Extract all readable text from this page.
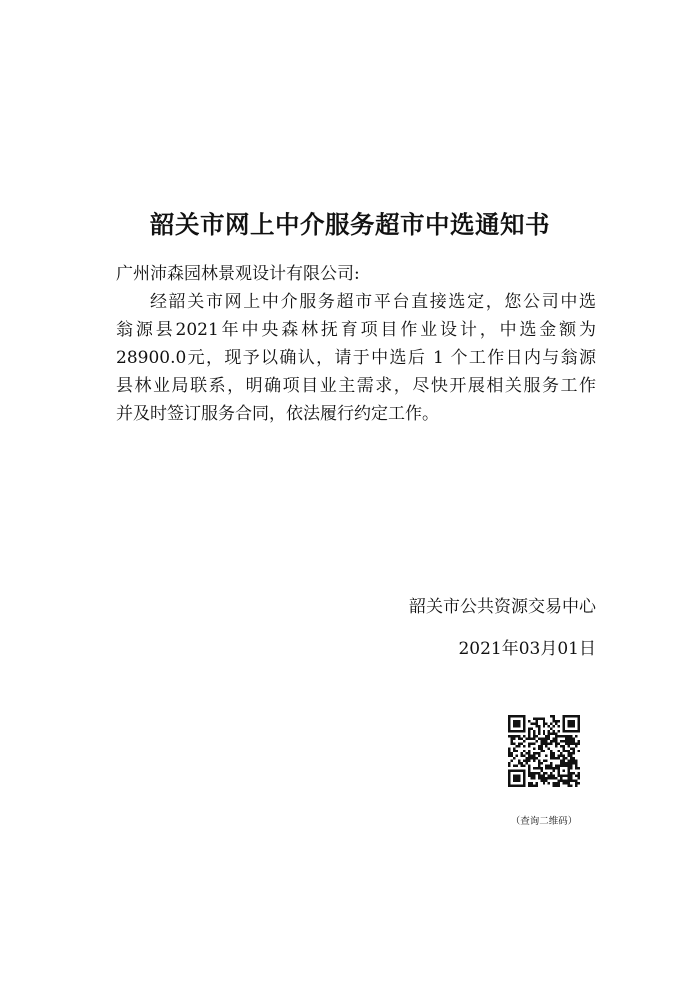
韶关市网上中介服务超市中选通知书
广州沛森园林景观设计有限公司:
经韶关市网上中介服务超市平台直接选定，您公司中选
翁源县2021年中央森林抚育项目作业设计，中选金额为
28900.0元，现予以确认，请于中选后 1 个工作日内与翁源
县林业局联系，明确项目业主需求，尽快开展相关服务工作
并及时签订服务合同，依法履行约定工作。
韶关市公共资源交易中心
2021年03月01日
（查询二维码）
